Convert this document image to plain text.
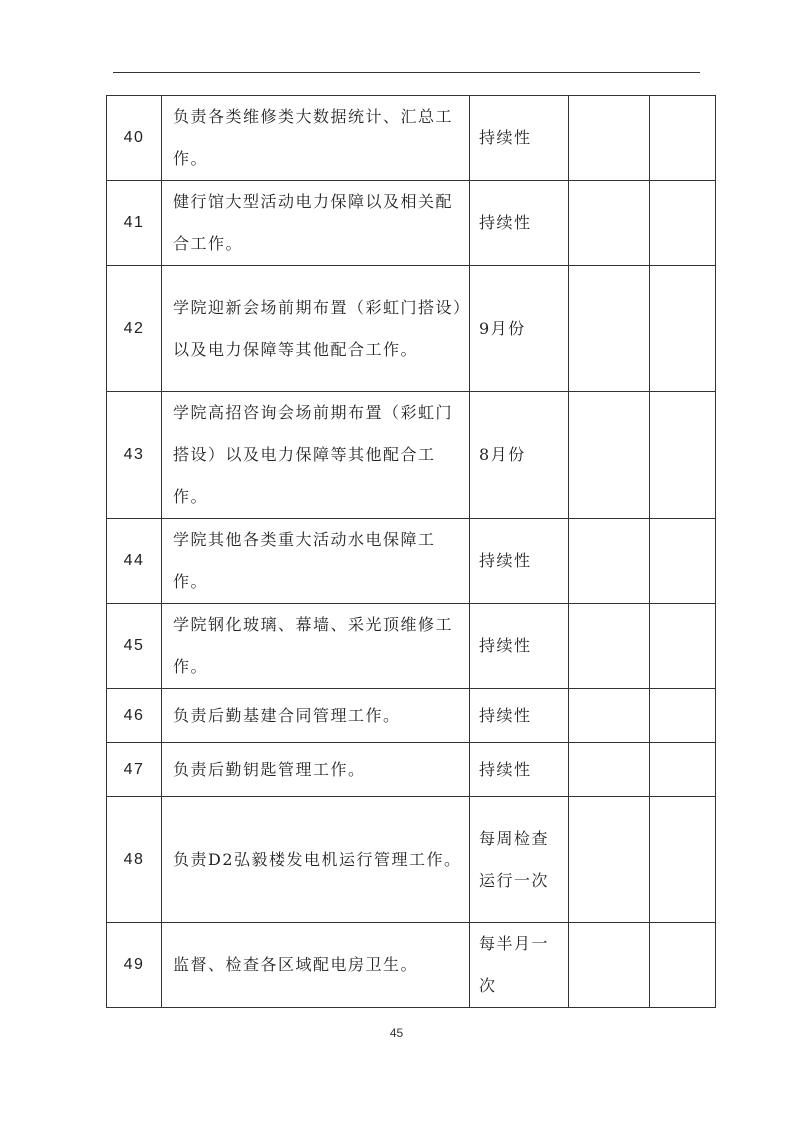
40	负责各类维修类大数据统计、汇总工作。	持续性		

41	健行馆大型活动电力保障以及相关配合工作。	持续性		

42	学院迎新会场前期布置（彩虹门搭设）以及电力保障等其他配合工作。	9月份		

43	学院高招咨询会场前期布置（彩虹门搭设）以及电力保障等其他配合工作。	8月份		

44	学院其他各类重大活动水电保障工作。	持续性		

45	学院钢化玻璃、幕墙、采光顶维修工作。	持续性		

46	负责后勤基建合同管理工作。	持续性		

47	负责后勤钥匙管理工作。	持续性		

48	负责D2弘毅楼发电机运行管理工作。	每周检查运行一次		

49	监督、检查各区域配电房卫生。	每半月一次		

45
